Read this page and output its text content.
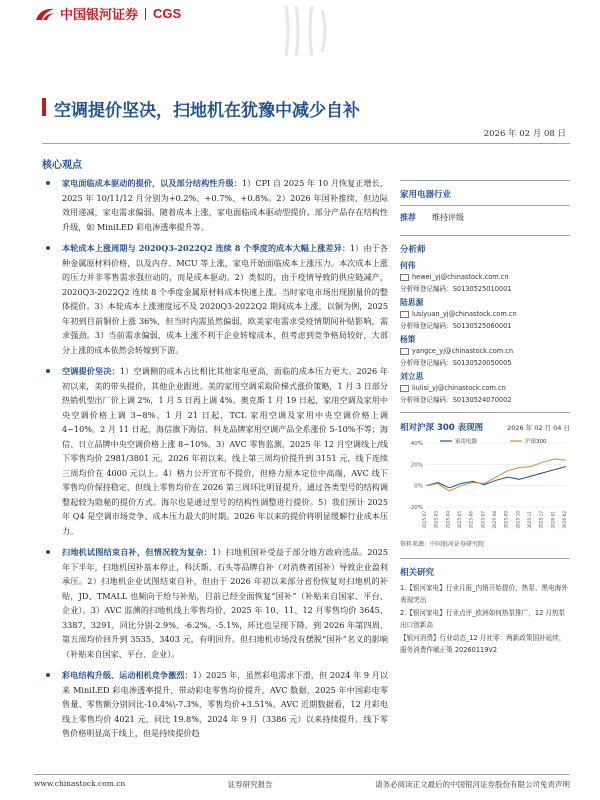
中国银河证券 CGS
空调提价坚决，扫地机在犹豫中减少自补
2026 年 02 月 08 日
核心观点
家电面临成本驱动的提价，以及部分结构性升级：1）CPI 自 2025 年 10 月恢复正增长，2025 年 10/11/12 月分别为+0.2%、+0.7%、+0.8%。2）2026 年国补推续，但边际效用递减，家电需求偏弱。随着成本上涨，家电面临成本驱动型提价。部分产品存在结构性升级，如 MiniLED 彩电渗透率提升等。
本轮成本上涨周期与 2020Q3-2022Q2 连续 8 个季度的成本大幅上涨差异：1）由于各种金属原材料价格，以及内存、MCU 等上涨，家电开始面临成本上涨压力。本次成本上涨的压力并非零售需求强拉动的，而是成本驱动。2）类似的，由于疫情导致的供应链减产，2020Q3-2022Q2 连续 8 个季度金属原材料成本快速上涨。当时家电市场出现剧量价的整体提价。3）本轮成本上涨速度远不及 2020Q3-2022Q2 期间成本上涨，以铜为例，2025 年初到目前铜价上涨 36%，但当时内需虽然偏弱，欧美家电需求受疫情期间补贴影响，需求强劲。3）当前需求偏弱，成本上涨不利于企业转嫁成本，但考虑到竞争格局较好，大部分上涨的成本依然会转嫁到下游。
空调提价坚决：1）空调侧的成本占比相比其他家电更高，面临的成本压力更大。2026 年初以来，美的带头提价，其他企业跟进。美的家用空调采取阶梯式涨价策略，1 月 3 日部分热销机型出厂价上调 2%，1 月 5 日再上调 4%。奥克斯 1 月 19 日起，家用空调及家用中央空调价格上调 3~8%。1 月 21 日起，TCL 家用空调及家用中央空调价格上调 4~10%。2 月 11 日起，海信旗下海信、科龙品牌家用空调产品全系涨价 5-10%不等；海信、日立品牌中央空调价格上涨 8~10%。3）AVC 零售监测，2025 年 12 月空调线上/线下零售均价 2981/3801 元，2026 年初以来，线上第三周均价提升到 3151 元，线下连续三周均价在 4000 元以上。4）格力公开宣布不提价，但格力原本定位中高端，AVC 线下零售均价保持稳定，但线上零售均价在 2026 第三周环比明显提升，通过各类型号的结构调整起较为隐秘的提价方式。海尔也是通过型号的结构性调整进行提价。5）我们预计 2025 年 Q4 是空调市场竞争、成本压力最大的时期。2026 年以来的提价将明显缓解行业成本压力。
扫地机试图结束自补，但情况较为复杂：1）扫地机国补受益于部分地方政府选品。2025 年下半年，扫地机国补基本停止，科沃斯、石头等品牌自补（对消费者国补）导致企业盈利承压。2）扫地机企业试图结束自补，但由于 2026 年初以来部分省份恢复对扫地机的补贴，JD、TMALL 也频向于给与补贴，目前已经全面恢复“国补”（补贴来自国家、平台、企业）。3）AVC 监测的扫地机线上零售均价，2025 年 10、11、12 月零售均价 3645、3387、3291，同比分别-2.9%、-6.2%、-5.1%，环比也呈现下降。到 2026 年第四周、第五周均价回升到 3535、3403 元，有明回升。但扫地机市场没有摆脱“国补”名义的影响（补贴来自国家、平台、企业）。
彩电结构升级、运动相机竞争激烈：1）2025 年，虽然彩电需求下滑，但 2024 年 9 月以来 MiniLED 彩电渗透率提升，带动彩电零售均价提升。AVC 数据，2025 年中国彩电零售量、零售额分别同比-10.4%\-7.3%，零售均价+3.51%。AVC 近期数据看，12 月彩电线上零售均价 4021 元，同比 19.8%，2024 年 9 月（3386 元）以来持续提升。线下零售价格明显高于线上，但是持续提价趋
家用电器行业
推荐 维持评级
分析师
何伟
hewei_yj@chinastock.com.cn
分析师登记编码：S0130525010001
陆思源
lusiyuan_yj@chinastock.com.cn
分析师登记编码：S0130525060001
杨策
yangce_yj@chinastock.com.cn
分析师登记编码：S0130520050005
刘立思
liulisi_yj@chinastock.com.cn
分析师登记编码：S0130524070002
相对沪深 300 表现图	2026 年 02 月 04 日
40%
20%
0%
-20%
2025-02 2025-03 2025-04 2025-05 2025-06 2025-07 2025-08 2025-09 2025-10 2025-11 2025-12 2026-01 2026-02
家用电器	沪深300
资料来源：中国银河证券研究院
相关研究
1.【银河家电】行业月报_内销开始提价，热泵、黑电海外表现突出
2.【银河家电】行业点评_欧洲如何热泵推广，12 月热泵出口创新高
【银河消费】行业动态_12 月社零：两新政策国补延续，服务消费作赋正策 20260119V2
www.chinastock.com.cn	证券研究报告	请务必阅读正文最后的中国银河证券股份有限公司免责声明
